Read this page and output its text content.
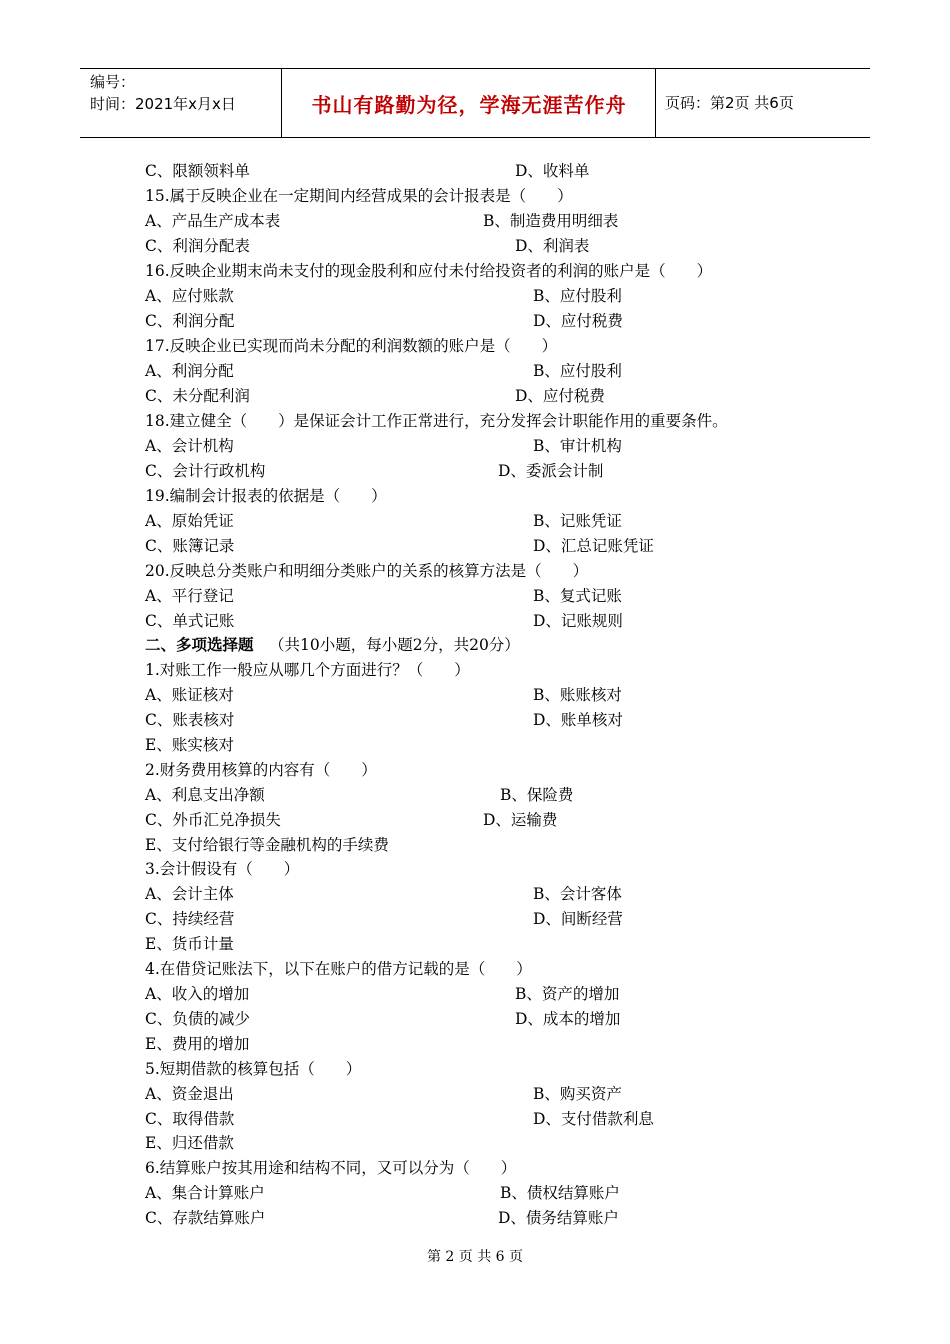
编号：
时间：2021年x月x日	书山有路勤为径，学海无涯苦作舟	页码：第2页 共6页
C、限额领料单	D、收料单
15.属于反映企业在一定期间内经营成果的会计报表是（　　）
A、产品生产成本表	B、制造费用明细表
C、利润分配表	D、利润表
16.反映企业期末尚未支付的现金股利和应付未付给投资者的利润的账户是（　　）
A、应付账款	B、应付股利
C、利润分配	D、应付税费
17.反映企业已实现而尚未分配的利润数额的账户是（　　）
A、利润分配	B、应付股利
C、未分配利润	D、应付税费
18.建立健全（　　）是保证会计工作正常进行，充分发挥会计职能作用的重要条件。
A、会计机构	B、审计机构
C、会计行政机构	D、委派会计制
19.编制会计报表的依据是（　　）
A、原始凭证	B、记账凭证
C、账簿记录	D、汇总记账凭证
20.反映总分类账户和明细分类账户的关系的核算方法是（　　）
A、平行登记	B、复式记账
C、单式记账	D、记账规则
二、多项选择题 （共10小题，每小题2分，共20分）
1.对账工作一般应从哪几个方面进行？（　　）
A、账证核对	B、账账核对
C、账表核对	D、账单核对
E、账实核对
2.财务费用核算的内容有（　　）
A、利息支出净额	B、保险费
C、外币汇兑净损失	D、运输费
E、支付给银行等金融机构的手续费
3.会计假设有（　　）
A、会计主体	B、会计客体
C、持续经营	D、间断经营
E、货币计量
4.在借贷记账法下，以下在账户的借方记载的是（　　）
A、收入的增加	B、资产的增加
C、负债的减少	D、成本的增加
E、费用的增加
5.短期借款的核算包括（　　）
A、资金退出	B、购买资产
C、取得借款	D、支付借款利息
E、归还借款
6.结算账户按其用途和结构不同，又可以分为（　　）
A、集合计算账户	B、债权结算账户
C、存款结算账户	D、债务结算账户
第 2 页 共 6 页
